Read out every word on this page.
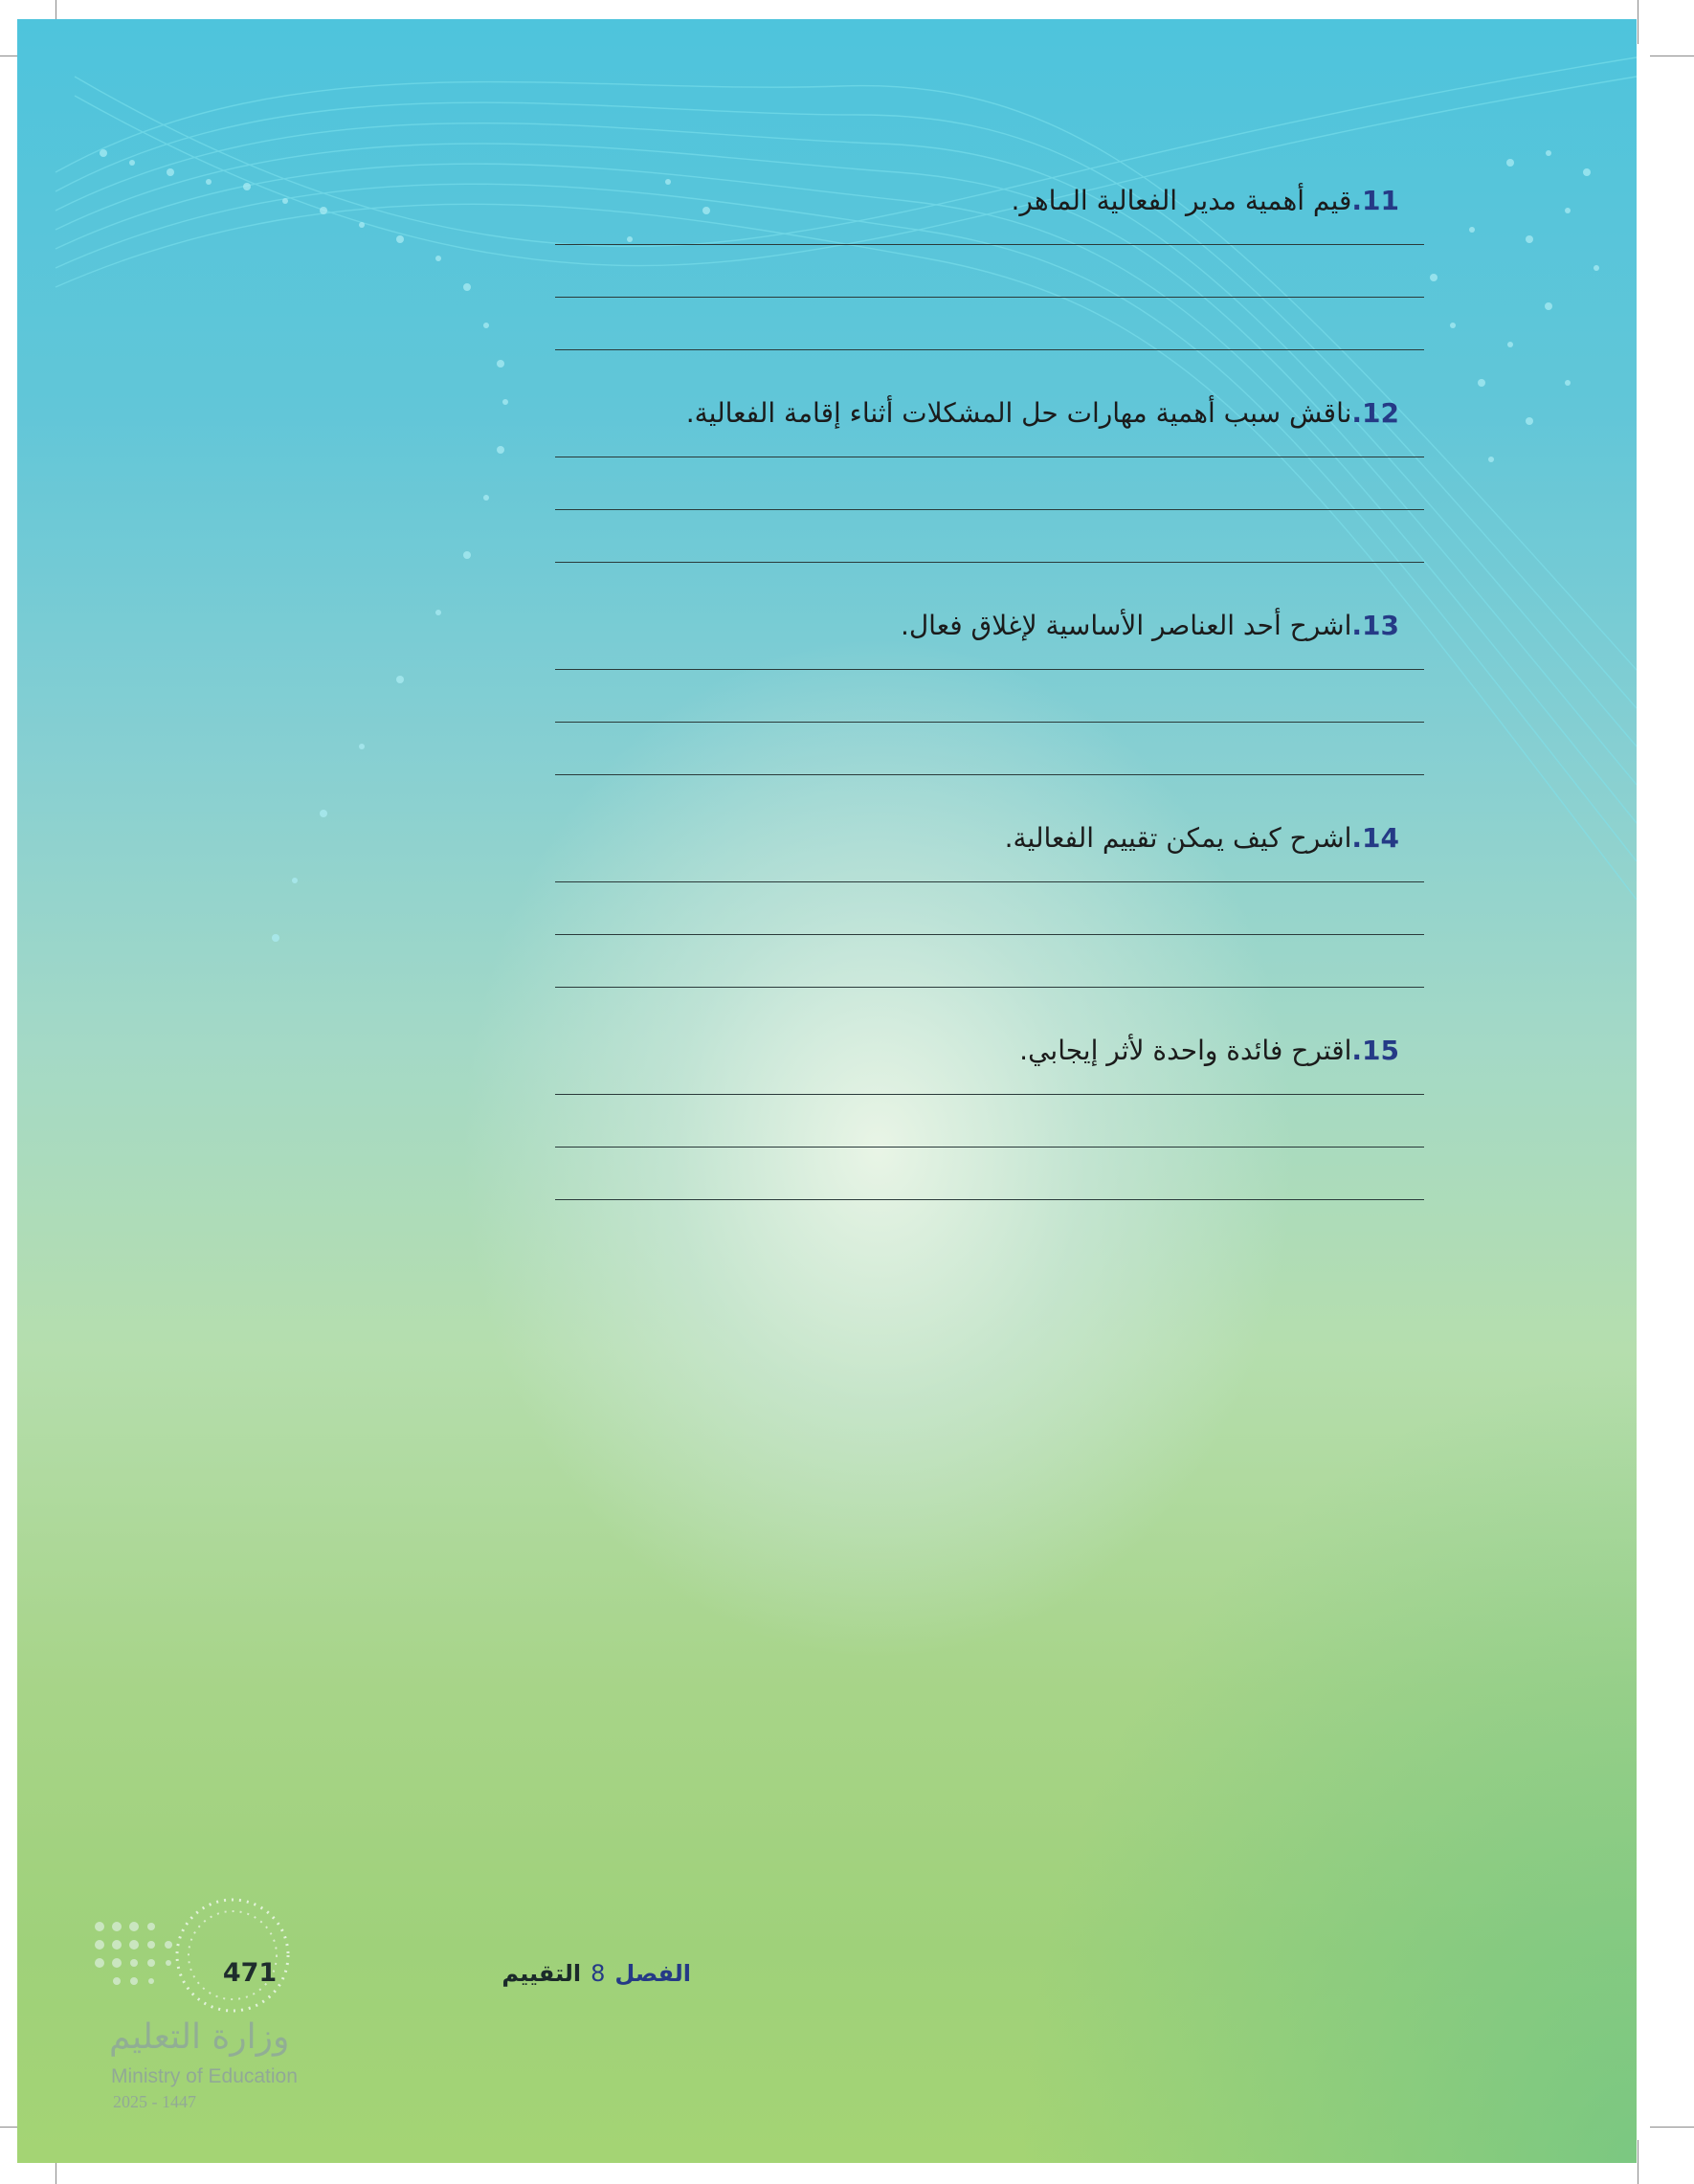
11.قيم أهمية مدير الفعالية الماهر.
12.ناقش سبب أهمية مهارات حل المشكلات أثناء إقامة الفعالية.
13.اشرح أحد العناصر الأساسية لإغلاق فعال.
14.اشرح كيف يمكن تقييم الفعالية.
15.اقترح فائدة واحدة لأثر إيجابي.
الفصل8التقييم
471
وزارة التعليم
Ministry of Education
2025 - 1447
